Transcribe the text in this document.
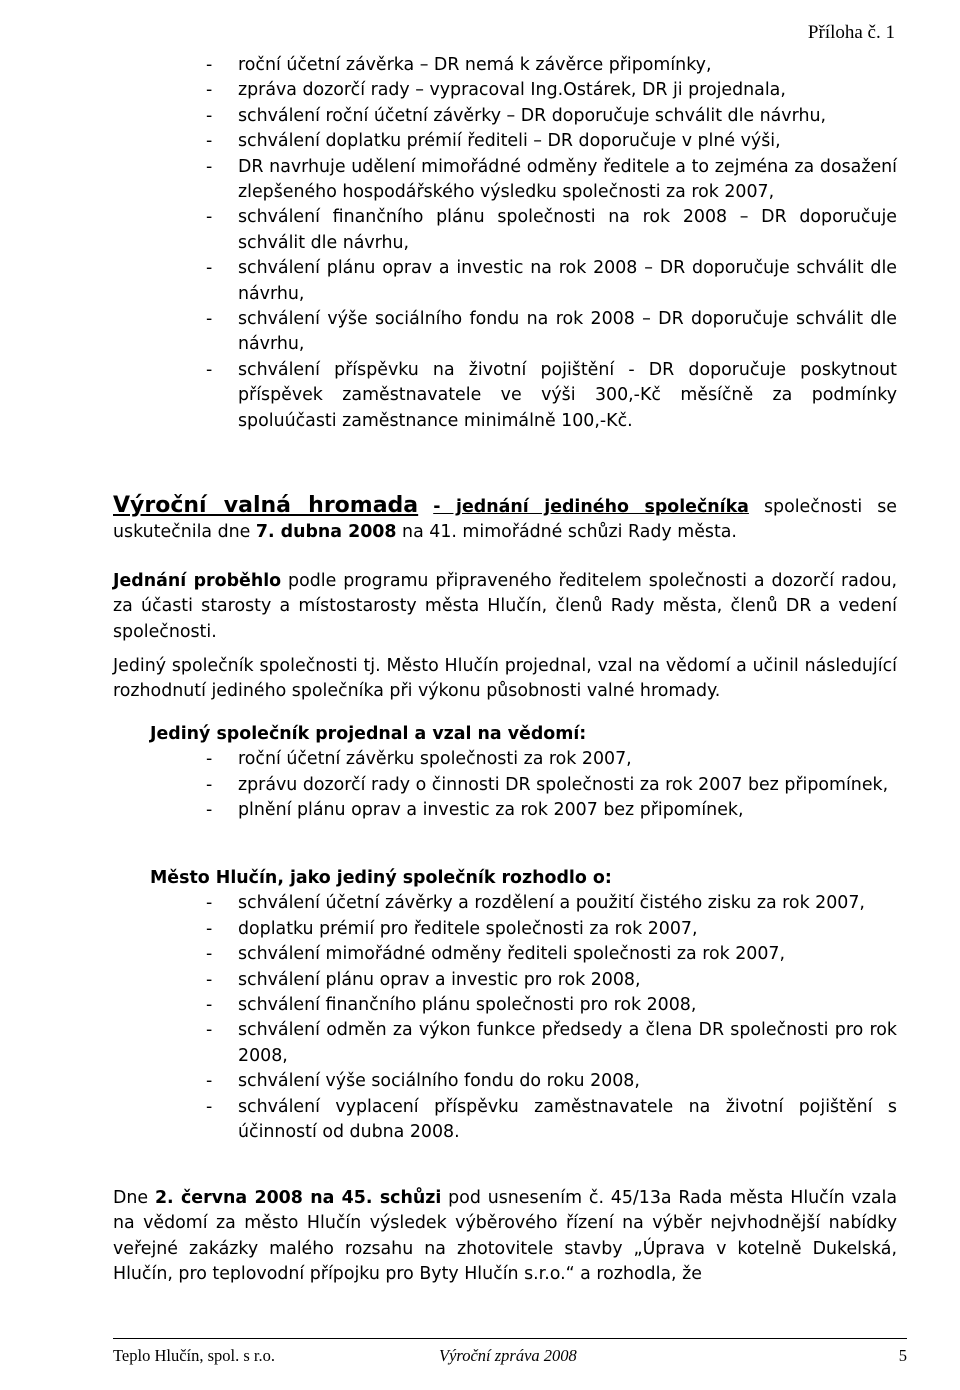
Příloha č. 1
- roční účetní závěrka – DR nemá k závěrce připomínky,
- zpráva dozorčí rady – vypracoval Ing.Ostárek, DR ji projednala,
- schválení roční účetní závěrky – DR doporučuje schválit dle návrhu,
- schválení doplatku prémií řediteli – DR doporučuje v plné výši,
- DR navrhuje udělení mimořádné odměny ředitele a to zejména za dosažení zlepšeného hospodářského výsledku společnosti za rok 2007,
- schválení finančního plánu společnosti na rok 2008 – DR doporučuje schválit dle návrhu,
- schválení plánu oprav a investic na rok 2008 – DR doporučuje schválit dle návrhu,
- schválení výše sociálního fondu na rok 2008 – DR doporučuje schválit dle návrhu,
- schválení příspěvku na životní pojištění - DR doporučuje poskytnout příspěvek zaměstnavatele ve výši 300,-Kč měsíčně za podmínky spoluúčasti zaměstnance minimálně 100,-Kč.

Výroční valná hromada - jednání jediného společníka společnosti se uskutečnila dne 7. dubna 2008 na 41. mimořádné schůzi Rady města.

Jednání proběhlo podle programu připraveného ředitelem společnosti a dozorčí radou, za účasti starosty a místostarosty města Hlučín, členů Rady města, členů DR a vedení společnosti.

Jediný společník společnosti tj. Město Hlučín projednal, vzal na vědomí a učinil následující rozhodnutí jediného společníka při výkonu působnosti valné hromady.

Jediný společník projednal a vzal na vědomí:

- roční účetní závěrku společnosti za rok 2007,
- zprávu dozorčí rady o činnosti DR společnosti za rok 2007 bez připomínek,
- plnění plánu oprav a investic za rok 2007 bez připomínek,

Město Hlučín, jako jediný společník rozhodlo o:

- schválení účetní závěrky a rozdělení a použití čistého zisku za rok 2007,
- doplatku prémií pro ředitele společnosti za rok 2007,
- schválení mimořádné odměny řediteli společnosti za rok 2007,
- schválení plánu oprav a investic pro rok 2008,
- schválení finančního plánu společnosti pro rok 2008,
- schválení odměn za výkon funkce předsedy a člena DR společnosti pro rok 2008,
- schválení výše sociálního fondu do roku 2008,
- schválení vyplacení příspěvku zaměstnavatele na životní pojištění s účinností od dubna 2008.

Dne 2. června 2008 na 45. schůzi pod usnesením č. 45/13a Rada města Hlučín vzala na vědomí za město Hlučín výsledek výběrového řízení na výběr nejvhodnější nabídky veřejné zakázky malého rozsahu na zhotovitele stavby „Úprava v kotelně Dukelská, Hlučín, pro teplovodní přípojku pro Byty Hlučín s.r.o.“ a rozhodla, že

Teplo Hlučín, spol. s r.o.	Výroční zpráva 2008	5
